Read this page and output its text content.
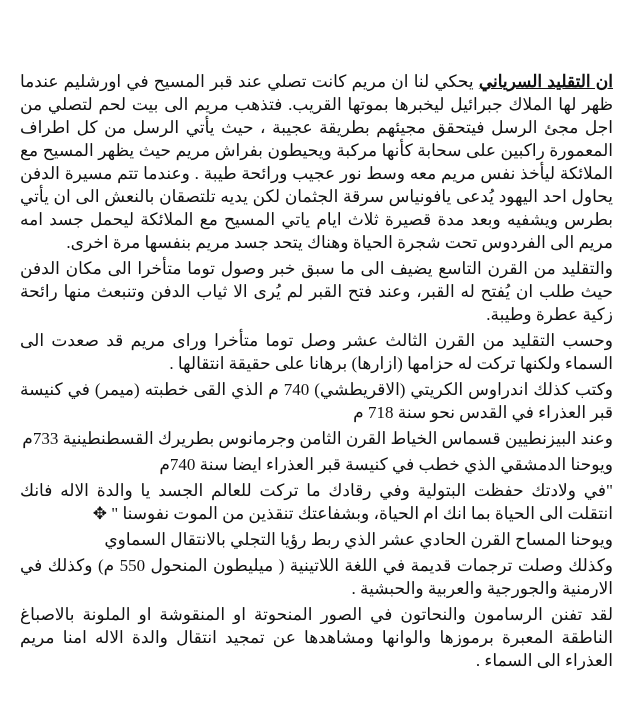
ان التقليد السرياني يحكي لنا ان مريم كانت تصلي عند قبر المسيح في اورشليم عندما ظهر لها الملاك جبرائيل ليخبرها بموتها القريب. فتذهب مريم الى بيت لحم لتصلي من اجل مجئ الرسل فيتحقق مجيئهم بطريقة عجيبة ، حيث يأتي الرسل من كل اطراف المعمورة راكبين على سحابة كأنها مركبة ويحيطون بفراش مريم حيث يظهر المسيح مع الملائكة ليأخذ نفس مريم معه وسط نور عجيب ورائحة طيبة . وعندما تتم مسيرة الدفن يحاول احد اليهود يُدعى يافونياس سرقة الجثمان لكن يديه تلتصقان بالنعش الى ان يأتي بطرس ويشفيه وبعد مدة قصيرة ثلاث ايام ياتي المسيح مع الملائكة ليحمل جسد امه مريم الى الفردوس تحت شجرة الحياة وهناك يتحد جسد مريم بنفسها مرة اخرى.

والتقليد من القرن التاسع يضيف الى ما سبق خبر وصول توما متأخرا الى مكان الدفن حيث طلب ان يُفتح له القبر، وعند فتح القبر لم يُرى الا ثياب الدفن وتنبعث منها رائحة زكية عطرة وطيبة.

وحسب التقليد من القرن الثالث عشر وصل توما متأخرا وراى مريم قد صعدت الى السماء ولكنها تركت له حزامها (ازارها) برهانا على حقيقة انتقالها .

وكتب كذلك اندراوس الكريتي (الاقريطشي) 740 م الذي القى خطبته (ميمر) في كنيسة قبر العذراء في القدس نحو سنة 718 م

وعند البيزنطيين قسماس الخياط القرن الثامن وجرمانوس بطريرك القسطنطينية 733م

ويوحنا الدمشقي الذي خطب في كنيسة قبر العذراء ايضا سنة 740م

"في ولادتك حفظت البتولية وفي رقادك ما تركت للعالم الجسد يا والدة الاله فانك انتقلت الى الحياة بما انك ام الحياة، وبشفاعتك تنقذين من الموت نفوسنا " ✥

ويوحنا المساح القرن الحادي عشر الذي ربط رؤيا التجلي بالانتقال السماوي

وكذلك وصلت ترجمات قديمة في اللغة اللاتينية ( ميليطون المنحول 550 م) وكذلك في الارمنية والجورجية والعربية والحبشية .

لقد تفنن الرسامون والنحاتون في الصور المنحوتة او المنقوشة او الملونة بالاصباغ الناطقة المعبرة برموزها والوانها ومشاهدها عن تمجيد انتقال والدة الاله امنا مريم العذراء الى السماء .
